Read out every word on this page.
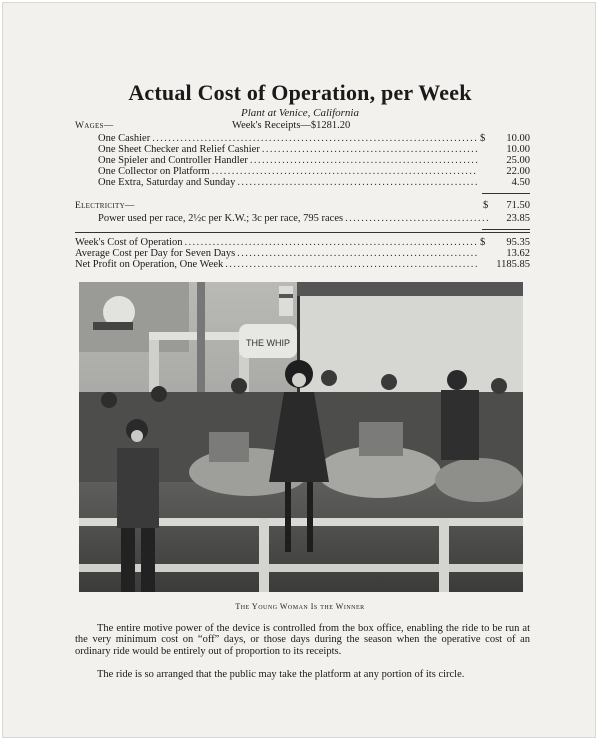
Actual Cost of Operation, per Week
Plant at Venice, California
Wages—	Week's Receipts—$1281.20
One Cashier .....	$	10.00
One Sheet Checker and Relief Cashier .....	10.00
One Spieler and Controller Handler .....	25.00
One Collector on Platform .....	22.00
One Extra, Saturday and Sunday .....	4.50
Electricity—	$ 71.50
Power used per race, 2½c per K.W.; 3c per race, 795 races .....	23.85
Week's Cost of Operation .....	$	95.35
Average Cost per Day for Seven Days .....	13.62
Net Profit on Operation, One Week .....	1185.85
THE WHIP
The Young Woman Is the Winner

The entire motive power of the device is controlled from the box office, enabling the ride to be run at the very minimum cost on “off” days, or those days during the season when the operative cost of an ordinary ride would be entirely out of proportion to its receipts.

The ride is so arranged that the public may take the platform at any portion of its circle.
